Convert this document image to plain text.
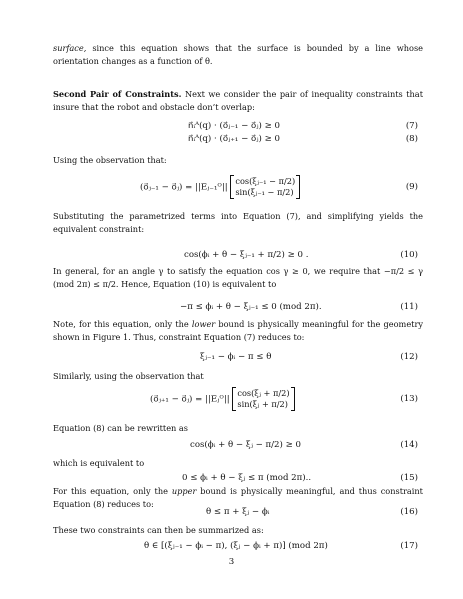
surface, since this equation shows that the surface is bounded by a line whose orientation changes as a function of θ.

Second Pair of Constraints. Next we consider the pair of inequality constraints that insure that the robot and obstacle don’t overlap:

n⃗ᵢᴬ(q) · (o⃗ⱼ₋₁ − o⃗ⱼ) ≥ 0	(7)
n⃗ᵢᴬ(q) · (o⃗ⱼ₊₁ − o⃗ⱼ) ≥ 0	(8)

Using the observation that:

(o⃗ⱼ₋₁ − o⃗ⱼ) = ||Eⱼ₋₁ᴼ||
cos(ξⱼ₋₁ − π/2)
sin(ξⱼ₋₁ − π/2)	(9)

Substituting the parametrized terms into Equation (7), and simplifying yields the equivalent constraint:

cos(ϕᵢ + θ − ξⱼ₋₁ + π/2) ≥ 0 .	(10)

In general, for an angle γ to satisfy the equation cos γ ≥ 0, we require that −π/2 ≤ γ (mod 2π) ≤ π/2. Hence, Equation (10) is equivalent to

−π ≤ ϕᵢ + θ − ξⱼ₋₁ ≤ 0 (mod 2π).	(11)

Note, for this equation, only the lower bound is physically meaningful for the geometry shown in Figure 1. Thus, constraint Equation (7) reduces to:

ξⱼ₋₁ − ϕᵢ − π ≤ θ	(12)

Similarly, using the observation that

(o⃗ⱼ₊₁ − o⃗ⱼ) = ||Eⱼᴼ||
cos(ξⱼ + π/2)
sin(ξⱼ + π/2)	(13)

Equation (8) can be rewritten as

cos(ϕᵢ + θ − ξⱼ − π/2) ≥ 0	(14)

which is equivalent to

0 ≤ ϕᵢ + θ − ξⱼ ≤ π (mod 2π)..	(15)

For this equation, only the upper bound is physically meaningful, and thus constraint Equation (8) reduces to:

θ ≤ π + ξⱼ − ϕᵢ	(16)

These two constraints can then be summarized as:

θ ∈ [(ξⱼ₋₁ − ϕᵢ − π), (ξⱼ − ϕᵢ + π)] (mod 2π)	(17)
3
